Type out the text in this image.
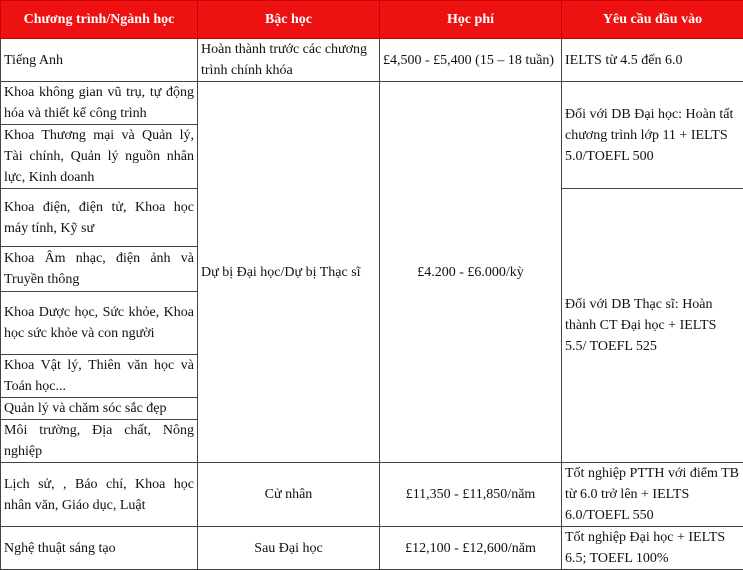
Chương trình/Ngành học	Bậc học	Học phí	Yêu cầu đầu vào
Tiếng Anh	Hoàn thành trước các chương trình chính khóa	£4,500 - £5,400 (15 – 18 tuần)	IELTS từ 4.5 đến 6.0
Khoa không gian vũ trụ, tự động hóa và thiết kế công trình	Dự bị Đại học/Dự bị Thạc sĩ	£4.200 - £6.000/kỳ	Đối với DB Đại học: Hoàn tất chương trình lớp 11 + IELTS 5.0/TOEFL 500
Khoa Thương mại và Quản lý, Tài chính, Quản lý nguồn nhân lực, Kinh doanh			
Khoa điện, điện tử, Khoa học máy tính, Kỹ sư			Đối với DB Thạc sĩ: Hoàn thành CT Đại học + IELTS 5.5/ TOEFL 525
Khoa Âm nhạc, điện ảnh và Truyền thông			
Khoa Dược học, Sức khỏe, Khoa học sức khỏe và con người			
Khoa Vật lý, Thiên văn học và Toán học...			
Quản lý và chăm sóc sắc đẹp			
Môi trường, Địa chất, Nông nghiệp			
Lịch sử, , Báo chí, Khoa học nhân văn, Giáo dục, Luật	Cử nhân	£11,350 - £11,850/năm	Tốt nghiệp PTTH với điểm TB từ 6.0 trở lên + IELTS 6.0/TOEFL 550
Nghệ thuật sáng tạo	Sau Đại học	£12,100 - £12,600/năm	Tốt nghiệp Đại học + IELTS 6.5; TOEFL 100%
